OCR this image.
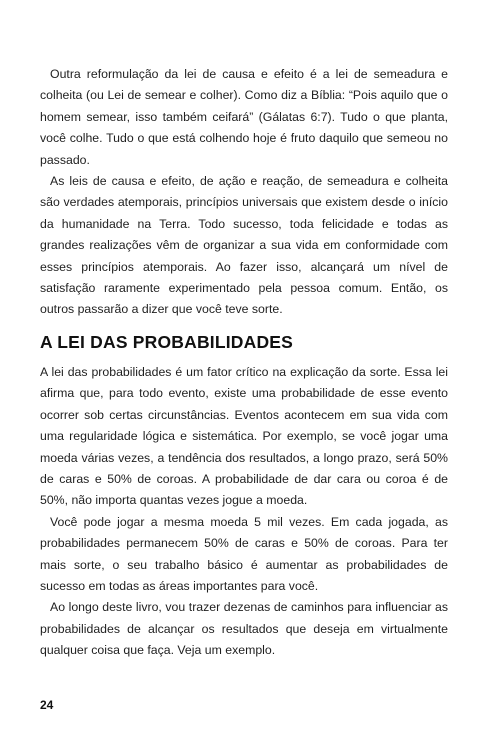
Outra reformulação da lei de causa e efeito é a lei de semeadura e colheita (ou Lei de semear e colher). Como diz a Bíblia: “Pois aquilo que o homem semear, isso também ceifará” (Gálatas 6:7). Tudo o que planta, você colhe. Tudo o que está colhendo hoje é fruto daquilo que semeou no passado.

As leis de causa e efeito, de ação e reação, de semeadura e colheita são verdades atemporais, princípios universais que existem desde o início da humanidade na Terra. Todo sucesso, toda felicidade e todas as grandes realizações vêm de organizar a sua vida em conformidade com esses princípios atemporais. Ao fazer isso, alcançará um nível de satisfação raramente experimentado pela pessoa comum. Então, os outros passarão a dizer que você teve sorte.

A LEI DAS PROBABILIDADES

A lei das probabilidades é um fator crítico na explicação da sorte. Essa lei afirma que, para todo evento, existe uma probabilidade de esse evento ocorrer sob certas circunstâncias. Eventos acontecem em sua vida com uma regularidade lógica e sistemática. Por exemplo, se você jogar uma moeda várias vezes, a tendência dos resultados, a longo prazo, será 50% de caras e 50% de coroas. A probabilidade de dar cara ou coroa é de 50%, não importa quantas vezes jogue a moeda.

Você pode jogar a mesma moeda 5 mil vezes. Em cada jogada, as probabilidades permanecem 50% de caras e 50% de coroas. Para ter mais sorte, o seu trabalho básico é aumentar as probabilidades de sucesso em todas as áreas importantes para você.

Ao longo deste livro, vou trazer dezenas de caminhos para influenciar as probabilidades de alcançar os resultados que deseja em virtualmente qualquer coisa que faça. Veja um exemplo.

24
